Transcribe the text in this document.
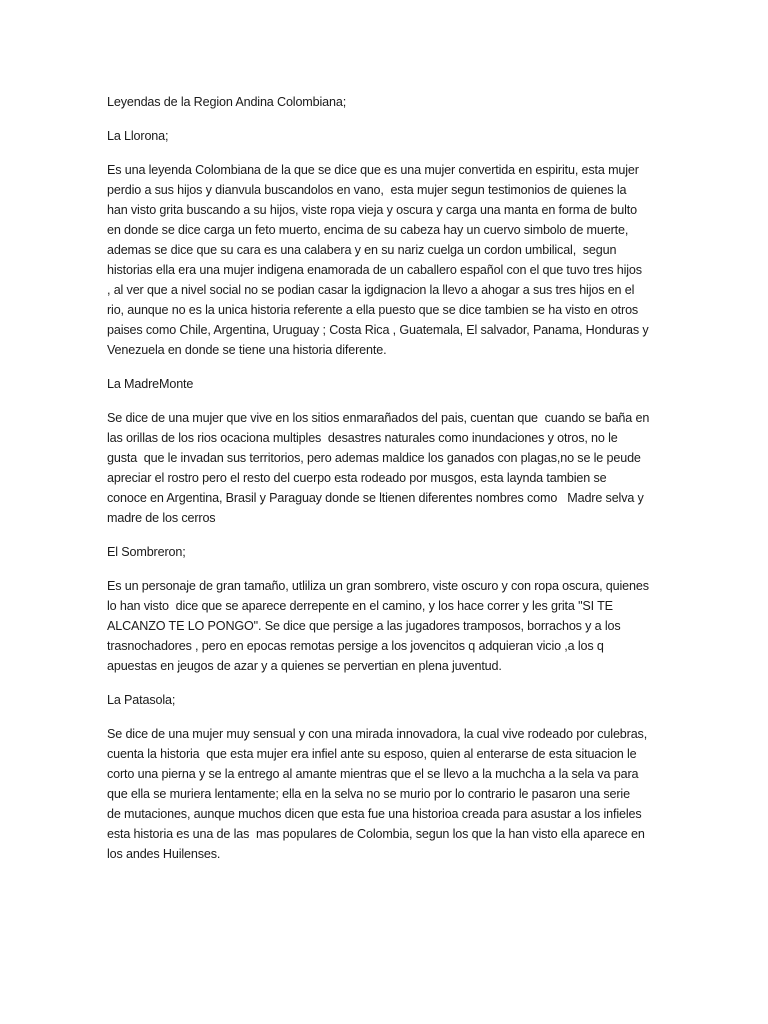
Leyendas de la Region Andina Colombiana;
La Llorona;
Es una leyenda Colombiana de la que se dice que es una mujer convertida en espiritu, esta mujer
perdio a sus hijos y dianvula buscandolos en vano,  esta mujer segun testimonios de quienes la
han visto grita buscando a su hijos, viste ropa vieja y oscura y carga una manta en forma de bulto
en donde se dice carga un feto muerto, encima de su cabeza hay un cuervo simbolo de muerte,
ademas se dice que su cara es una calabera y en su nariz cuelga un cordon umbilical,  segun
historias ella era una mujer indigena enamorada de un caballero español con el que tuvo tres hijos
, al ver que a nivel social no se podian casar la igdignacion la llevo a ahogar a sus tres hijos en el
rio, aunque no es la unica historia referente a ella puesto que se dice tambien se ha visto en otros
paises como Chile, Argentina, Uruguay ; Costa Rica , Guatemala, El salvador, Panama, Honduras y
Venezuela en donde se tiene una historia diferente.
La MadreMonte
Se dice de una mujer que vive en los sitios enmarañados del pais, cuentan que  cuando se baña en
las orillas de los rios ocaciona multiples  desastres naturales como inundaciones y otros, no le
gusta  que le invadan sus territorios, pero ademas maldice los ganados con plagas,no se le peude
apreciar el rostro pero el resto del cuerpo esta rodeado por musgos, esta laynda tambien se
conoce en Argentina, Brasil y Paraguay donde se ltienen diferentes nombres como   Madre selva y
madre de los cerros
El Sombreron;
Es un personaje de gran tamaño, utliliza un gran sombrero, viste oscuro y con ropa oscura, quienes
lo han visto  dice que se aparece derrepente en el camino, y los hace correr y les grita "SI TE
ALCANZO TE LO PONGO". Se dice que persige a las jugadores tramposos, borrachos y a los
trasnochadores , pero en epocas remotas persige a los jovencitos q adquieran vicio ,a los q
apuestas en jeugos de azar y a quienes se pervertian en plena juventud.
La Patasola;
Se dice de una mujer muy sensual y con una mirada innovadora, la cual vive rodeado por culebras,
cuenta la historia  que esta mujer era infiel ante su esposo, quien al enterarse de esta situacion le
corto una pierna y se la entrego al amante mientras que el se llevo a la muchcha a la sela va para
que ella se muriera lentamente; ella en la selva no se murio por lo contrario le pasaron una serie
de mutaciones, aunque muchos dicen que esta fue una historioa creada para asustar a los infieles
esta historia es una de las  mas populares de Colombia, segun los que la han visto ella aparece en
los andes Huilenses.
